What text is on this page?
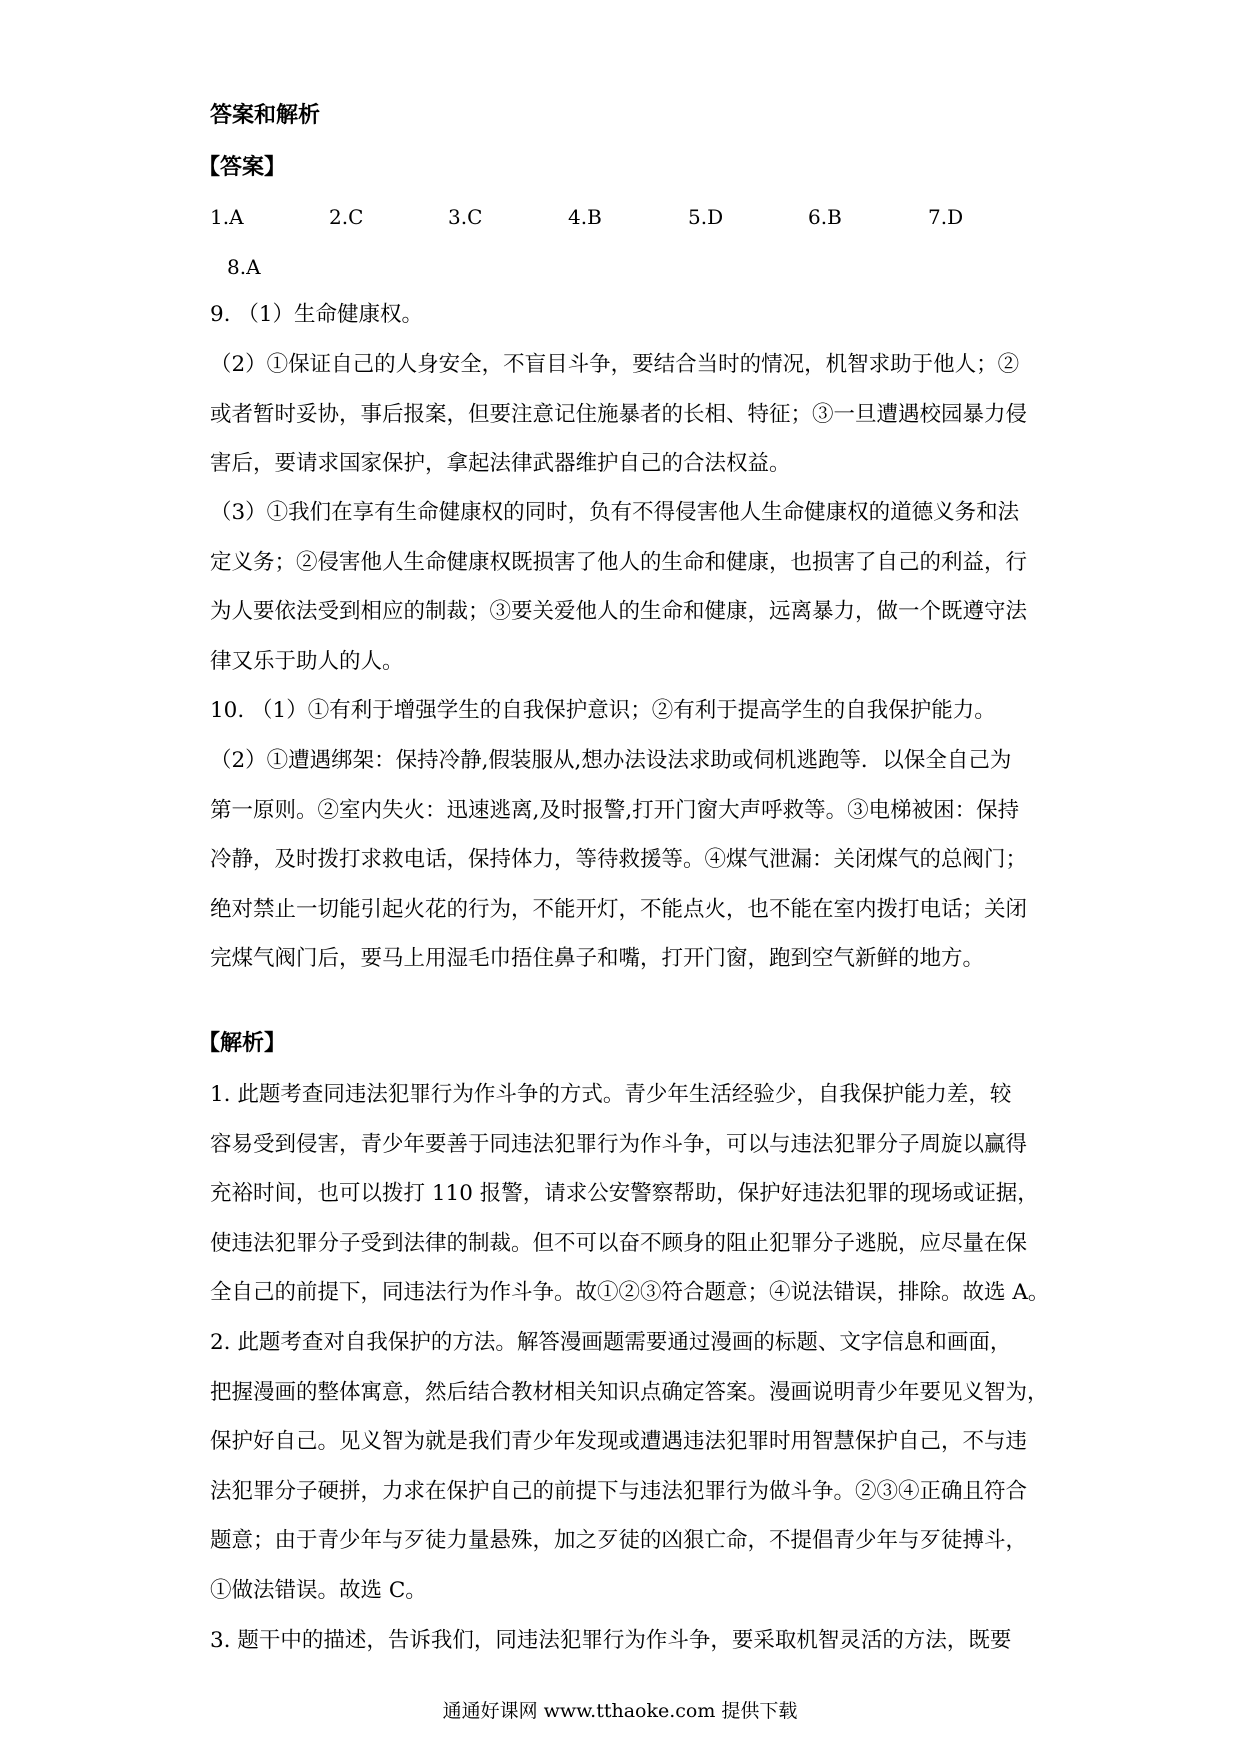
答案和解析
【答案】
1.A	2.C	3.C	4.B	5.D	6.B	7.D
8.A
9. （1）生命健康权。
（2）①保证自己的人身安全，不盲目斗争，要结合当时的情况，机智求助于他人；②
或者暂时妥协，事后报案，但要注意记住施暴者的长相、特征；③一旦遭遇校园暴力侵
害后，要请求国家保护，拿起法律武器维护自己的合法权益。
（3）①我们在享有生命健康权的同时，负有不得侵害他人生命健康权的道德义务和法
定义务；②侵害他人生命健康权既损害了他人的生命和健康，也损害了自己的利益，行
为人要依法受到相应的制裁；③要关爱他人的生命和健康，远离暴力，做一个既遵守法
律又乐于助人的人。
10. （1）①有利于增强学生的自我保护意识；②有利于提高学生的自我保护能力。
（2）①遭遇绑架：保持冷静,假装服从,想办法设法求助或伺机逃跑等．以保全自己为
第一原则。②室内失火：迅速逃离,及时报警,打开门窗大声呼救等。③电梯被困：保持
冷静，及时拨打求救电话，保持体力，等待救援等。④煤气泄漏：关闭煤气的总阀门；
绝对禁止一切能引起火花的行为，不能开灯，不能点火，也不能在室内拨打电话；关闭
完煤气阀门后，要马上用湿毛巾捂住鼻子和嘴，打开门窗，跑到空气新鲜的地方。
【解析】
1. 此题考查同违法犯罪行为作斗争的方式。青少年生活经验少，自我保护能力差，较
容易受到侵害，青少年要善于同违法犯罪行为作斗争，可以与违法犯罪分子周旋以赢得
充裕时间，也可以拨打 110 报警，请求公安警察帮助，保护好违法犯罪的现场或证据，
使违法犯罪分子受到法律的制裁。但不可以奋不顾身的阻止犯罪分子逃脱，应尽量在保
全自己的前提下，同违法行为作斗争。故①②③符合题意；④说法错误，排除。故选 A。
2. 此题考查对自我保护的方法。解答漫画题需要通过漫画的标题、文字信息和画面，
把握漫画的整体寓意，然后结合教材相关知识点确定答案。漫画说明青少年要见义智为，
保护好自己。见义智为就是我们青少年发现或遭遇违法犯罪时用智慧保护自己，不与违
法犯罪分子硬拼，力求在保护自己的前提下与违法犯罪行为做斗争。②③④正确且符合
题意；由于青少年与歹徒力量悬殊，加之歹徒的凶狠亡命，不提倡青少年与歹徒搏斗，
①做法错误。故选 C。
3. 题干中的描述，告诉我们，同违法犯罪行为作斗争，要采取机智灵活的方法，既要
通通好课网 www.tthaoke.com 提供下载
